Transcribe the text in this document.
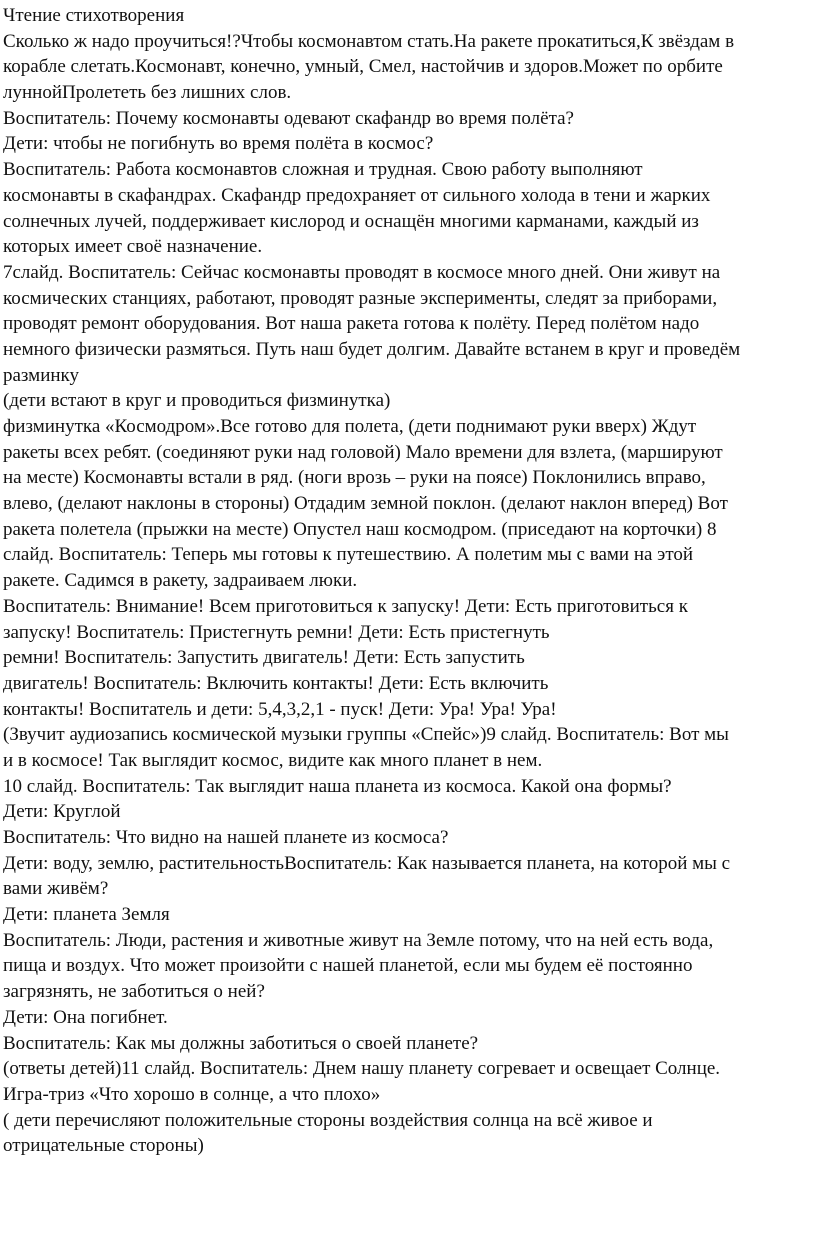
Чтение стихотворения
Сколько ж надо проучиться!?Чтобы космонавтом стать.На ракете прокатиться,К звёздам в
корабле слетать.Космонавт, конечно, умный, Смел, настойчив и здоров.Может по орбите
луннойПролететь без лишних слов.
Воспитатель: Почему космонавты одевают скафандр во время полёта?
Дети: чтобы не погибнуть во время полёта в космос?
Воспитатель: Работа космонавтов сложная и трудная. Свою работу выполняют
космонавты в скафандрах. Скафандр предохраняет от сильного холода в тени и жарких
солнечных лучей, поддерживает кислород и оснащён многими карманами, каждый из
которых имеет своё назначение.
7слайд. Воспитатель: Сейчас космонавты проводят в космосе много дней. Они живут на
космических станциях, работают, проводят разные эксперименты, следят за приборами,
проводят ремонт оборудования. Вот наша ракета готова к полёту. Перед полётом надо
немного физически размяться. Путь наш будет долгим. Давайте встанем в круг и проведём
разминку
(дети встают в круг и проводиться физминутка)
физминутка «Космодром».Все готово для полета, (дети поднимают руки вверх) Ждут
ракеты всех ребят. (соединяют руки над головой) Мало времени для взлета, (маршируют
на месте) Космонавты встали в ряд. (ноги врозь – руки на поясе) Поклонились вправо,
влево, (делают наклоны в стороны) Отдадим земной поклон. (делают наклон вперед) Вот
ракета полетела (прыжки на месте) Опустел наш космодром. (приседают на корточки) 8
слайд. Воспитатель: Теперь мы готовы к путешествию. А полетим мы с вами на этой
ракете. Садимся в ракету, задраиваем люки.
Воспитатель: Внимание! Всем приготовиться к запуску! Дети: Есть приготовиться к
запуску! Воспитатель: Пристегнуть ремни! Дети: Есть пристегнуть
ремни! Воспитатель: Запустить двигатель! Дети: Есть запустить
двигатель! Воспитатель: Включить контакты! Дети: Есть включить
контакты! Воспитатель и дети: 5,4,3,2,1 - пуск! Дети: Ура! Ура! Ура!
(Звучит аудиозапись космической музыки группы «Спейс»)9 слайд. Воспитатель: Вот мы
и в космосе! Так выглядит космос, видите как много планет в нем.
10 слайд. Воспитатель: Так выглядит наша планета из космоса. Какой она формы?
Дети: Круглой
Воспитатель: Что видно на нашей планете из космоса?
Дети: воду, землю, растительностьВоспитатель: Как называется планета, на которой мы с
вами живём?
Дети: планета Земля
Воспитатель: Люди, растения и животные живут на Земле потому, что на ней есть вода,
пища и воздух. Что может произойти с нашей планетой, если мы будем её постоянно
загрязнять, не заботиться о ней?
Дети: Она погибнет.
Воспитатель: Как мы должны заботиться о своей планете?
(ответы детей)11 слайд. Воспитатель: Днем нашу планету согревает и освещает Солнце.
Игра-триз «Что хорошо в солнце, а что плохо»
( дети перечисляют положительные стороны воздействия солнца на всё живое и
отрицательные стороны)
